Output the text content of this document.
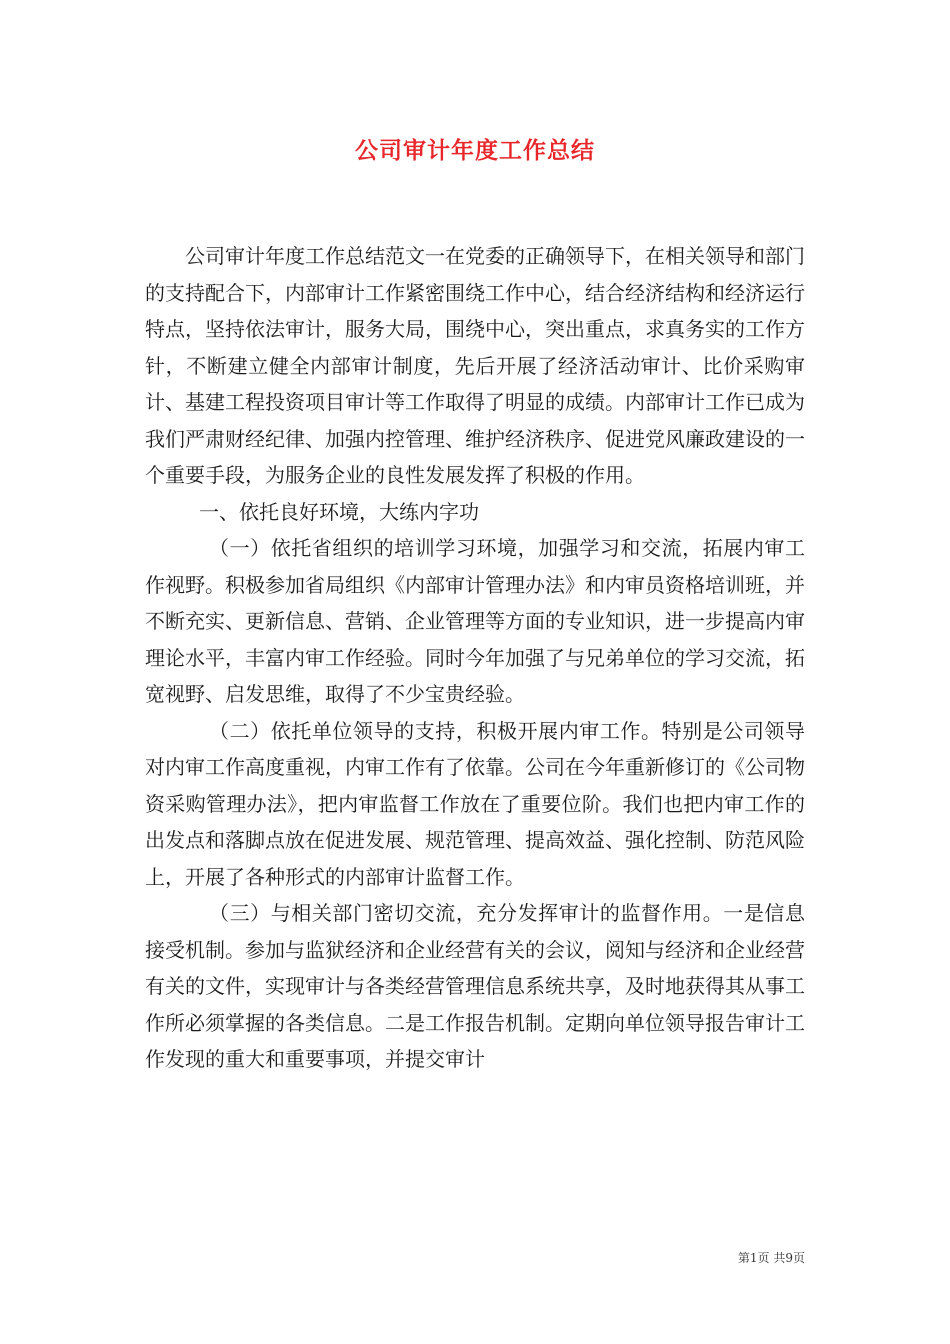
公司审计年度工作总结

公司审计年度工作总结范文一在党委的正确领导下，在相关领导和部门的支持配合下，内部审计工作紧密围绕工作中心，结合经济结构和经济运行特点，坚持依法审计，服务大局，围绕中心，突出重点，求真务实的工作方针，不断建立健全内部审计制度，先后开展了经济活动审计、比价采购审计、基建工程投资项目审计等工作取得了明显的成绩。内部审计工作已成为我们严肃财经纪律、加强内控管理、维护经济秩序、促进党风廉政建设的一个重要手段，为服务企业的良性发展发挥了积极的作用。

一、依托良好环境，大练内字功

（一）依托省组织的培训学习环境，加强学习和交流，拓展内审工作视野。积极参加省局组织《内部审计管理办法》和内审员资格培训班，并不断充实、更新信息、营销、企业管理等方面的专业知识，进一步提高内审理论水平，丰富内审工作经验。同时今年加强了与兄弟单位的学习交流，拓宽视野、启发思维，取得了不少宝贵经验。

（二）依托单位领导的支持，积极开展内审工作。特别是公司领导对内审工作高度重视，内审工作有了依靠。公司在今年重新修订的《公司物资采购管理办法》，把内审监督工作放在了重要位阶。我们也把内审工作的出发点和落脚点放在促进发展、规范管理、提高效益、强化控制、防范风险上，开展了各种形式的内部审计监督工作。

（三）与相关部门密切交流，充分发挥审计的监督作用。一是信息接受机制。参加与监狱经济和企业经营有关的会议，阅知与经济和企业经营有关的文件，实现审计与各类经营管理信息系统共享，及时地获得其从事工作所必须掌握的各类信息。二是工作报告机制。定期向单位领导报告审计工作发现的重大和重要事项，并提交审计

第1页 共9页
